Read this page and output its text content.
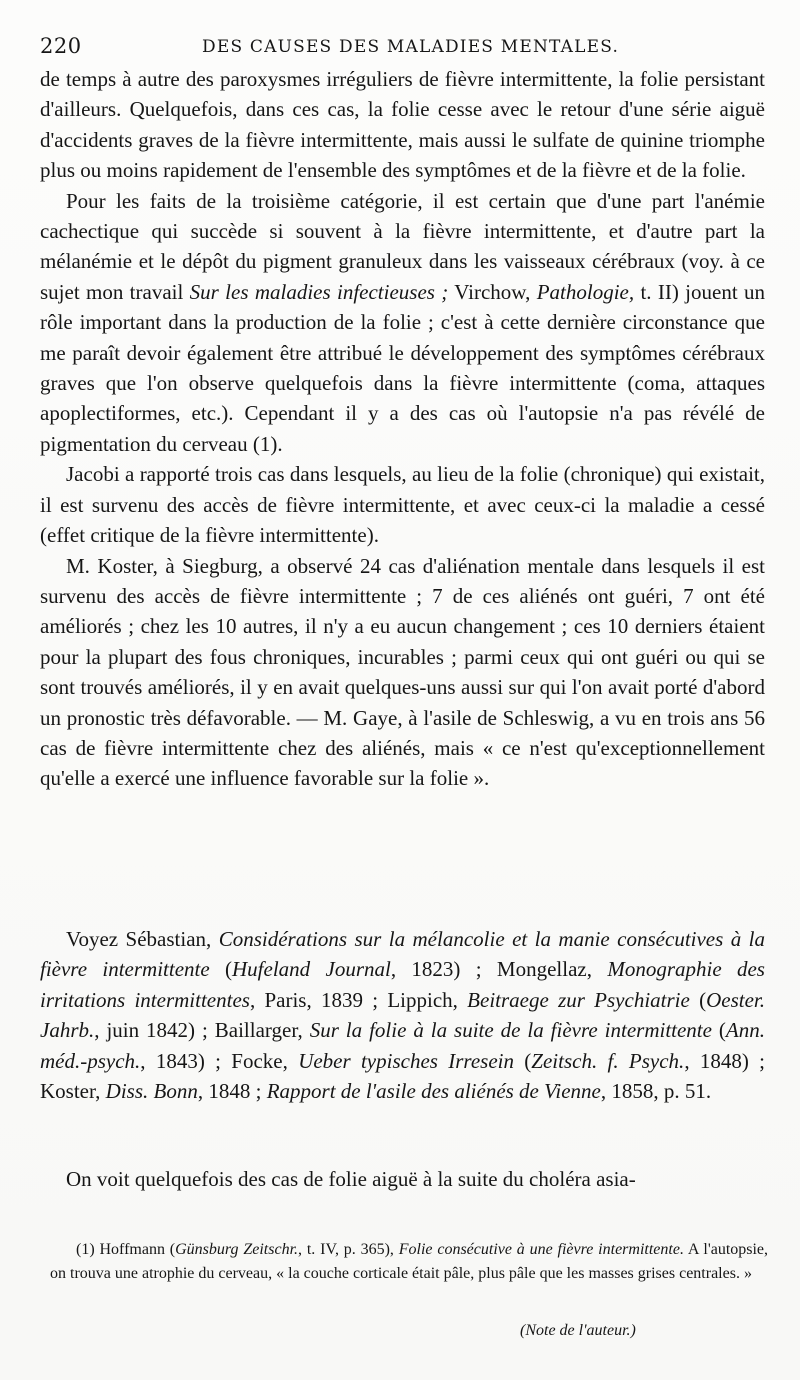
220	DES CAUSES DES MALADIES MENTALES.

de temps à autre des paroxysmes irréguliers de fièvre intermittente, la folie persistant d'ailleurs. Quelquefois, dans ces cas, la folie cesse avec le retour d'une série aiguë d'accidents graves de la fièvre intermittente, mais aussi le sulfate de quinine triomphe plus ou moins rapidement de l'ensemble des symptômes et de la fièvre et de la folie.

Pour les faits de la troisième catégorie, il est certain que d'une part l'anémie cachectique qui succède si souvent à la fièvre intermittente, et d'autre part la mélanémie et le dépôt du pigment granuleux dans les vaisseaux cérébraux (voy. à ce sujet mon travail Sur les maladies infectieuses ; Virchow, Pathologie, t. II) jouent un rôle important dans la production de la folie ; c'est à cette dernière circonstance que me paraît devoir également être attribué le développement des symptômes cérébraux graves que l'on observe quelquefois dans la fièvre intermittente (coma, attaques apoplectiformes, etc.). Cependant il y a des cas où l'autopsie n'a pas révélé de pigmentation du cerveau (1).

Jacobi a rapporté trois cas dans lesquels, au lieu de la folie (chronique) qui existait, il est survenu des accès de fièvre intermittente, et avec ceux-ci la maladie a cessé (effet critique de la fièvre intermittente).

M. Koster, à Siegburg, a observé 24 cas d'aliénation mentale dans lesquels il est survenu des accès de fièvre intermittente ; 7 de ces aliénés ont guéri, 7 ont été améliorés ; chez les 10 autres, il n'y a eu aucun changement ; ces 10 derniers étaient pour la plupart des fous chroniques, incurables ; parmi ceux qui ont guéri ou qui se sont trouvés améliorés, il y en avait quelques-uns aussi sur qui l'on avait porté d'abord un pronostic très défavorable. — M. Gaye, à l'asile de Schleswig, a vu en trois ans 56 cas de fièvre intermittente chez des aliénés, mais « ce n'est qu'exceptionnellement qu'elle a exercé une influence favorable sur la folie ».

Voyez Sébastian, Considérations sur la mélancolie et la manie consécutives à la fièvre intermittente (Hufeland Journal, 1823) ; Mongellaz, Monographie des irritations intermittentes, Paris, 1839 ; Lippich, Beitraege zur Psychiatrie (Oester. Jahrb., juin 1842) ; Baillarger, Sur la folie à la suite de la fièvre intermittente (Ann. méd.-psych., 1843) ; Focke, Ueber typisches Irresein (Zeitsch. f. Psych., 1848) ; Koster, Diss. Bonn, 1848 ; Rapport de l'asile des aliénés de Vienne, 1858, p. 51.

On voit quelquefois des cas de folie aiguë à la suite du choléra asia-

(1) Hoffmann (Günsburg Zeitschr., t. IV, p. 365), Folie consécutive à une fièvre intermittente. A l'autopsie, on trouva une atrophie du cerveau, « la couche corticale était pâle, plus pâle que les masses grises centrales. »

(Note de l'auteur.)
